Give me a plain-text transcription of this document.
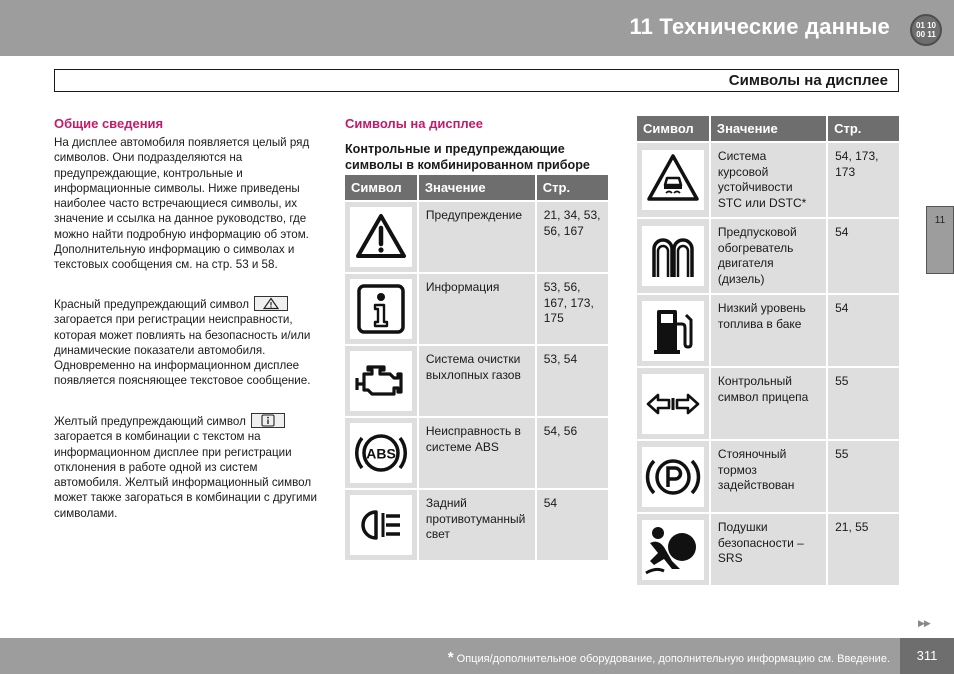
11 Технические данные	01 10
00 11
Символы на дисплее
Общие сведения

На дисплее автомобиля появляется целый ряд символов. Они подразделяются на предупреждающие, контрольные и информационные символы. Ниже приведены наиболее часто встречающиеся символы, их значение и ссылка на данное руководство, где можно найти подробную информацию об этом. Дополнительную информацию о символах и текстовых сообщения см. на стр. 53 и 58.

Красный предупреждающий символ
загорается при регистрации неисправности, которая может повлиять на безопасность и/или динамические показатели автомобиля. Одновременно на информационном дисплее появляется поясняющее текстовое сообщение.

Желтый предупреждающий символ
загорается в комбинации с текстом на информационном дисплее при регистрации отклонения в работе одной из систем автомобиля. Желтый информационный символ может также загораться в комбинации с другими символами.

Символы на дисплее
Контрольные и предупреждающие символы в комбинированном приборе
Символ	Значение	Стр.

	Предупреждение	21, 34, 53, 56, 167

	Информация	53, 56, 167, 173, 175

	Система очистки выхлопных газов	53, 54

ABS	Неисправность в системе ABS	54, 56

	Задний противотуманный свет	54
Символ	Значение	Стр.

	Система курсовой устойчивости STC или DSTC*	54, 173, 173

	Предпусковой обогреватель двигателя (дизель)	54

	Низкий уровень топлива в баке	54

	Контрольный символ прицепа	55

	Стояночный тормоз задействован	55

	Подушки безопасности – SRS	21, 55
11
▶▶
* Опция/дополнительное оборудование, дополнительную информацию см. Введение.	311
